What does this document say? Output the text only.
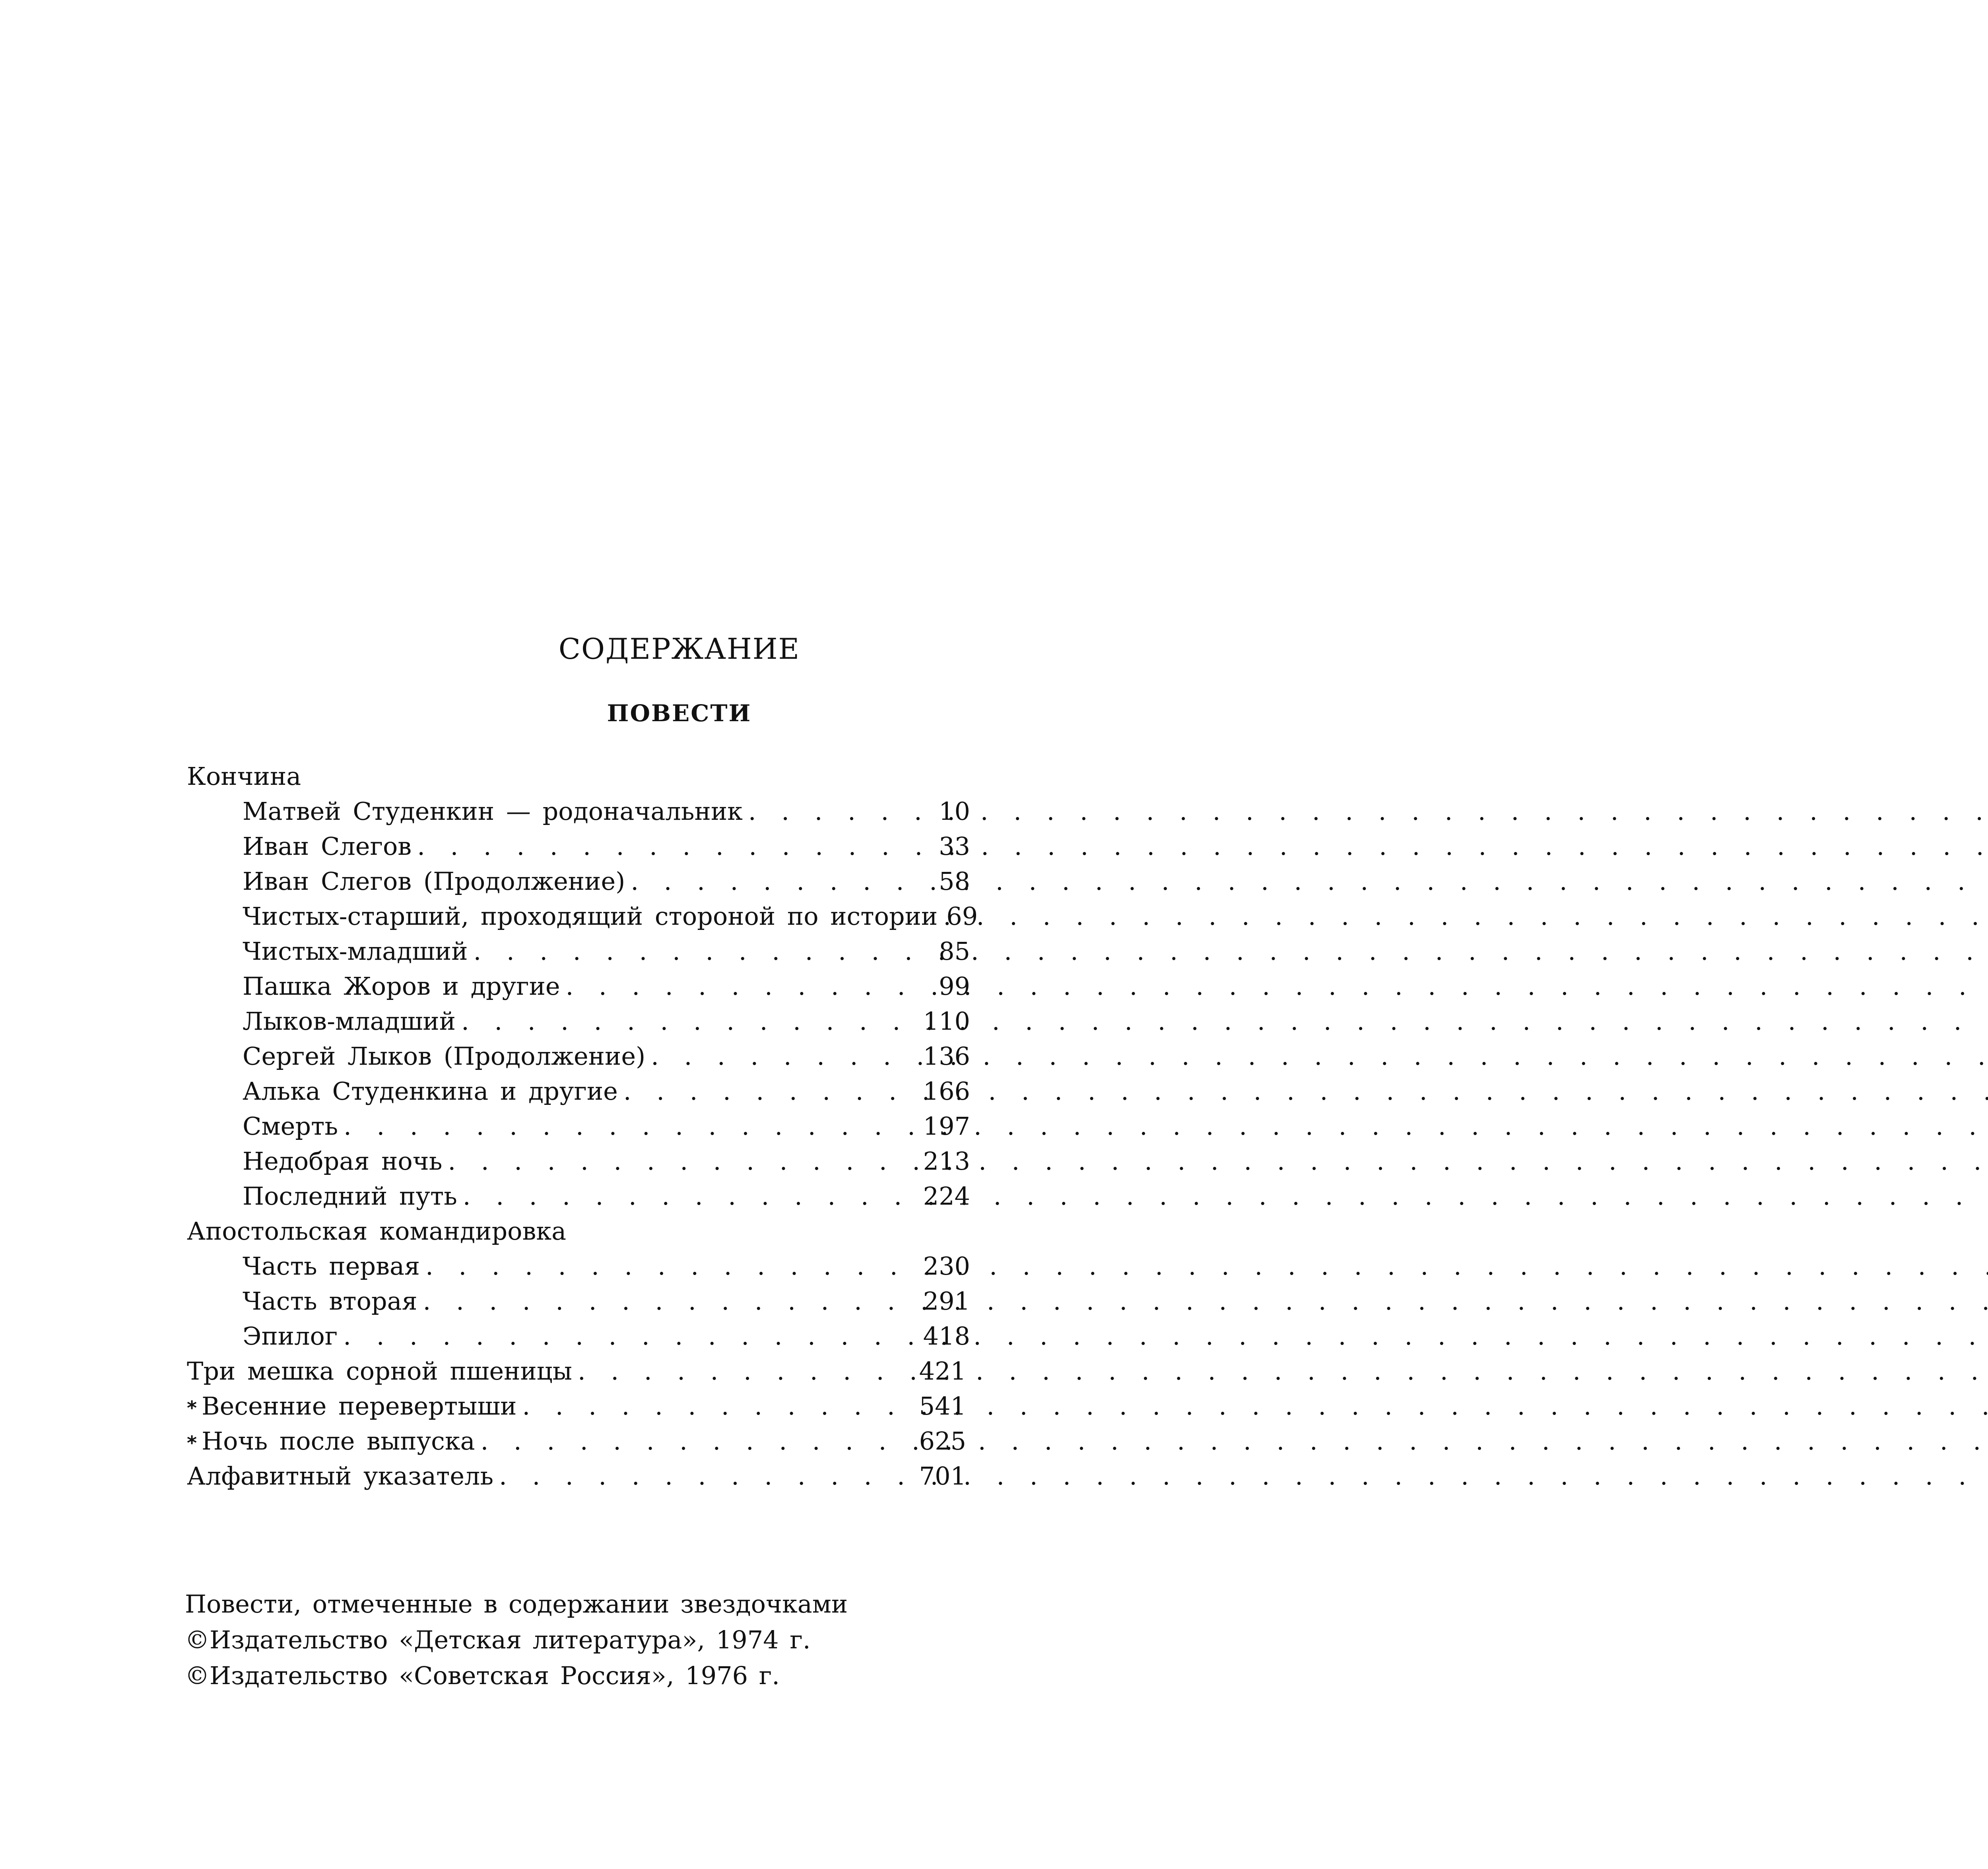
СОДЕРЖАНИЕ
ПОВЕСТИ
Кончина
Матвей Студенкин — родоначальник . . .	10
Иван Слегов . . .	33
Иван Слегов (Продолжение) . . .	58
Чистых-старший, проходящий стороной по истории . . . 69
Чистых-младший . . .	85
Пашка Жоров и другие . . .	99
Лыков-младший . . .	110
Сергей Лыков (Продолжение) . . .	136
Алька Студенкина и другие . . .	166
Смерть . . .	197
Недобрая ночь . . .	213
Последний путь . . .	224
Апостольская командировка
Часть первая . . .	230
Часть вторая . . .	291
Эпилог . . .	418
Три мешка сорной пшеницы . . .	421
* Весенние перевертыши . . .	541
* Ночь после выпуска . . .	625
Алфавитный указатель . . .	701
Повести, отмеченные в содержании звездочками
©Издательство «Детская литература», 1974 г.
©Издательство «Советская Россия», 1976 г.
